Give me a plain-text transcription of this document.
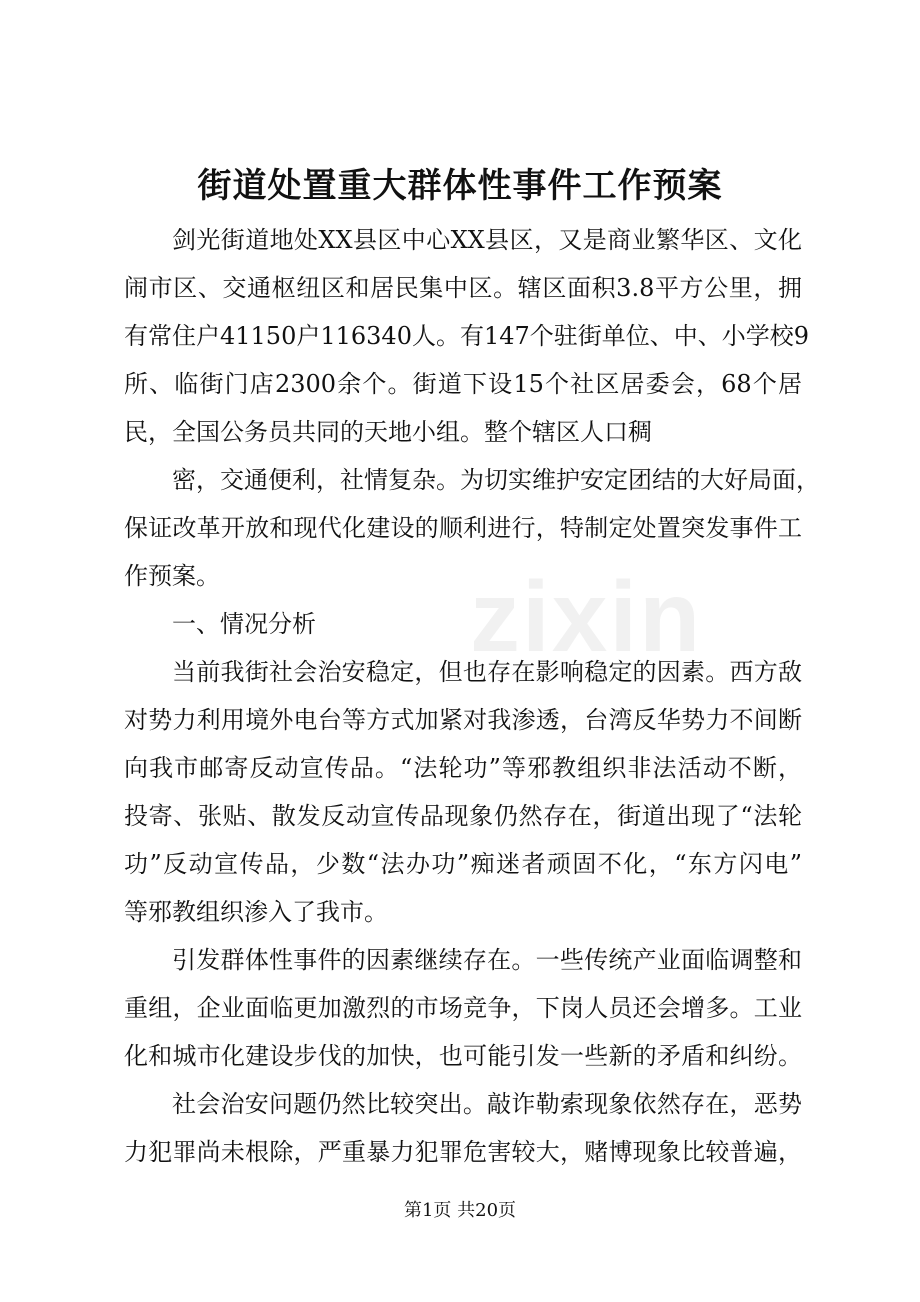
街道处置重大群体性事件工作预案
剑光街道地处XX县区中心XX县区，又是商业繁华区、文化
闹市区、交通枢纽区和居民集中区。辖区面积3.8平方公里，拥
有常住户41150户116340人。有147个驻街单位、中、小学校9
所、临街门店2300余个。街道下设15个社区居委会，68个居
民，全国公务员共同的天地小组。整个辖区人口稠
密，交通便利，社情复杂。为切实维护安定团结的大好局面，
保证改革开放和现代化建设的顺利进行，特制定处置突发事件工
作预案。
一、情况分析
当前我街社会治安稳定，但也存在影响稳定的因素。西方敌
对势力利用境外电台等方式加紧对我渗透，台湾反华势力不间断
向我市邮寄反动宣传品。“法轮功”等邪教组织非法活动不断，
投寄、张贴、散发反动宣传品现象仍然存在，街道出现了“法轮
功”反动宣传品，少数“法办功”痴迷者顽固不化，“东方闪电”
等邪教组织渗入了我市。
引发群体性事件的因素继续存在。一些传统产业面临调整和
重组，企业面临更加激烈的市场竞争，下岗人员还会增多。工业
化和城市化建设步伐的加快，也可能引发一些新的矛盾和纠纷。
社会治安问题仍然比较突出。敲诈勒索现象依然存在，恶势
力犯罪尚未根除，严重暴力犯罪危害较大，赌博现象比较普遍，
zixin
第1页 共20页
